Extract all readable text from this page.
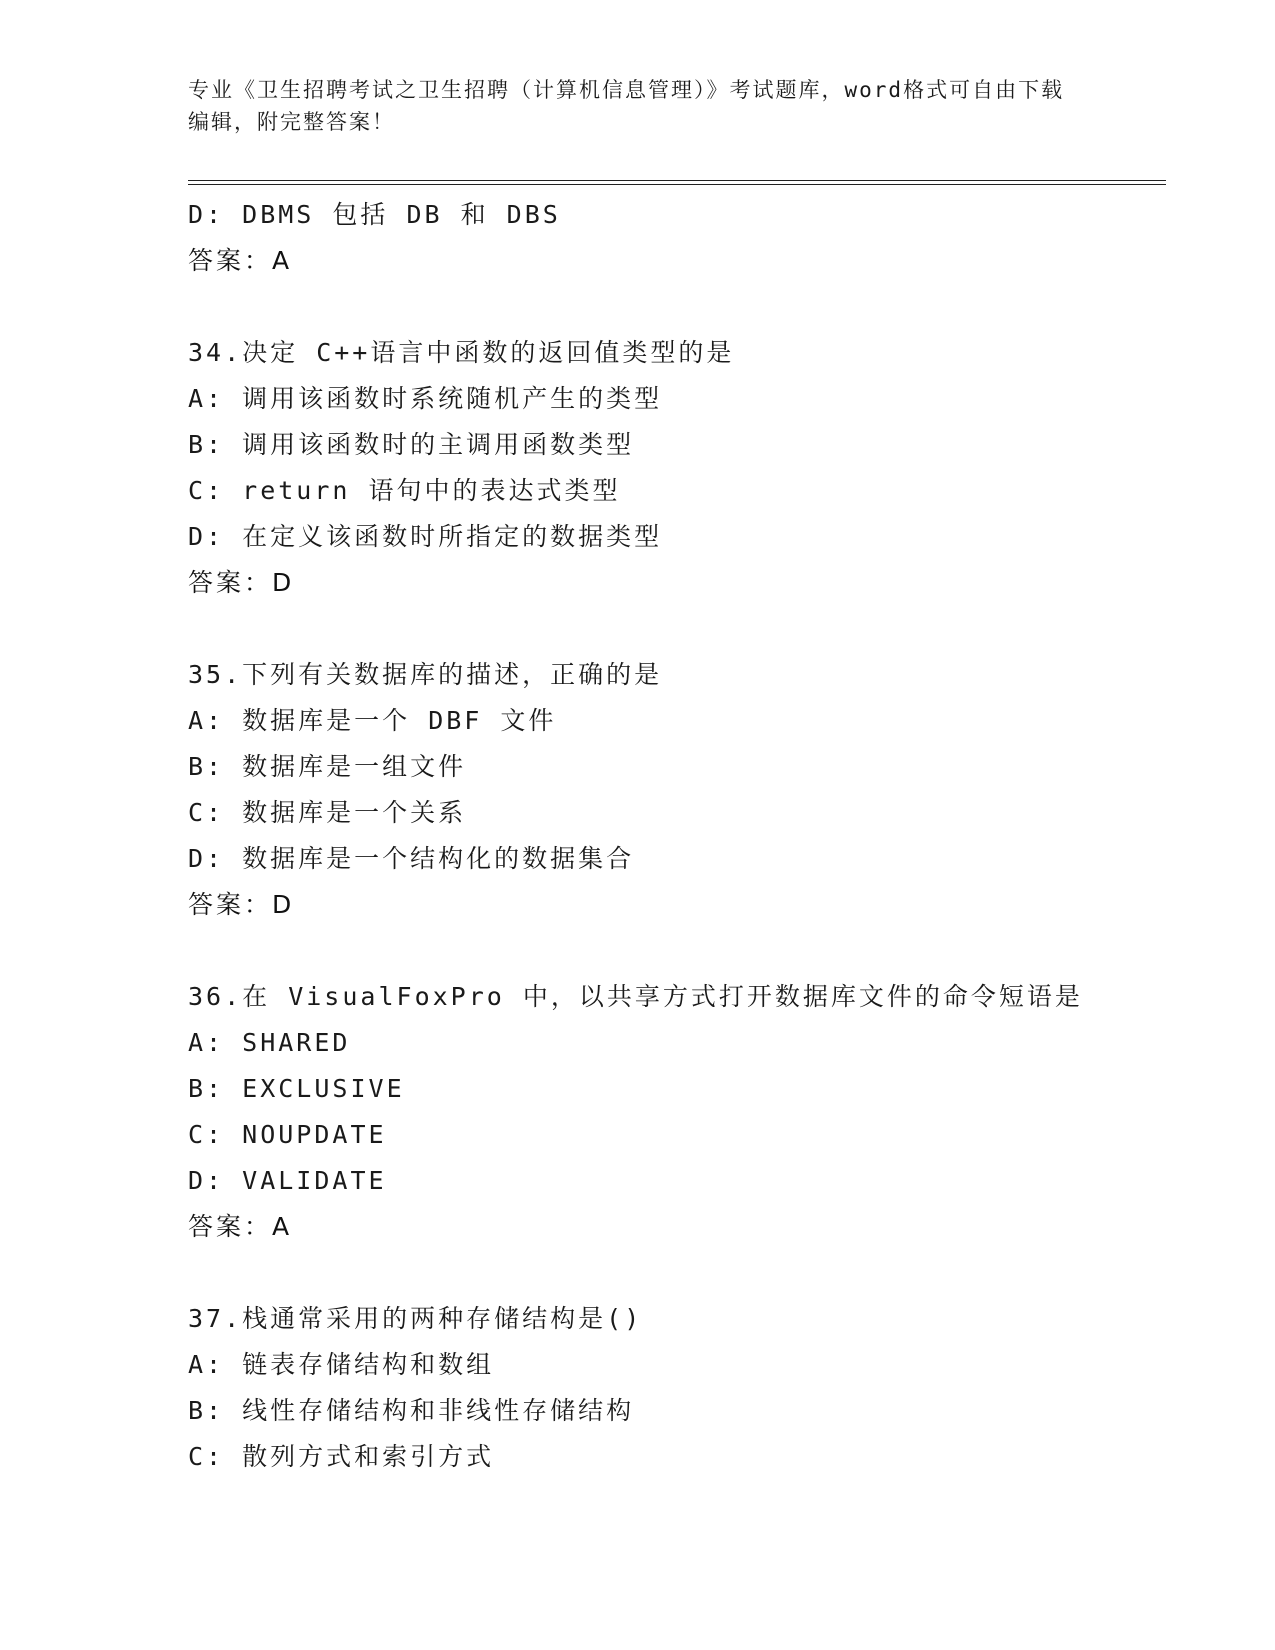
专业《卫生招聘考试之卫生招聘（计算机信息管理）》考试题库，word格式可自由下载编辑，附完整答案！
D: DBMS 包括 DB 和 DBS
答案：A
34.决定 C++语言中函数的返回值类型的是
A: 调用该函数时系统随机产生的类型
B: 调用该函数时的主调用函数类型
C: return 语句中的表达式类型
D: 在定义该函数时所指定的数据类型
答案：D
35.下列有关数据库的描述，正确的是
A: 数据库是一个 DBF 文件
B: 数据库是一组文件
C: 数据库是一个关系
D: 数据库是一个结构化的数据集合
答案：D
36.在 VisualFoxPro 中，以共享方式打开数据库文件的命令短语是
A: SHARED
B: EXCLUSIVE
C: NOUPDATE
D: VALIDATE
答案：A
37.栈通常采用的两种存储结构是()
A: 链表存储结构和数组
B: 线性存储结构和非线性存储结构
C: 散列方式和索引方式
